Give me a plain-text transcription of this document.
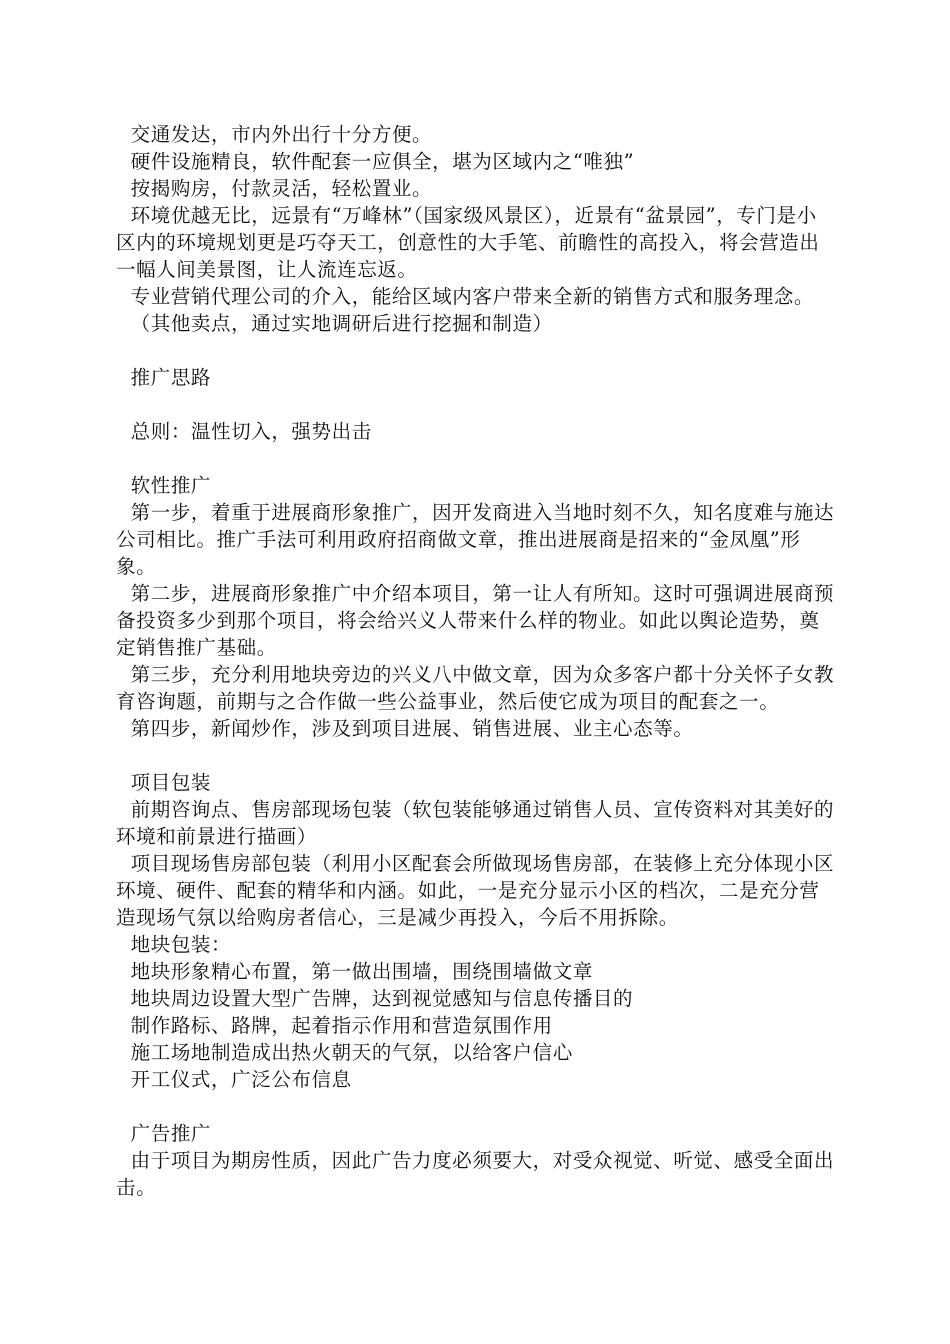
交通发达，市内外出行十分方便。

硬件设施精良，软件配套一应俱全，堪为区域内之“唯独”

按揭购房，付款灵活，轻松置业。

环境优越无比，远景有“万峰林”（国家级风景区），近景有“盆景园”，专门是小区内的环境规划更是巧夺天工，创意性的大手笔、前瞻性的高投入，将会营造出一幅人间美景图，让人流连忘返。

专业营销代理公司的介入，能给区域内客户带来全新的销售方式和服务理念。

（其他卖点，通过实地调研后进行挖掘和制造）

推广思路

总则：温性切入，强势出击

软性推广

第一步，着重于进展商形象推广，因开发商进入当地时刻不久，知名度难与施达公司相比。推广手法可利用政府招商做文章，推出进展商是招来的“金凤凰”形象。

第二步，进展商形象推广中介绍本项目，第一让人有所知。这时可强调进展商预备投资多少到那个项目，将会给兴义人带来什么样的物业。如此以舆论造势，奠定销售推广基础。

第三步，充分利用地块旁边的兴义八中做文章，因为众多客户都十分关怀子女教育咨询题，前期与之合作做一些公益事业，然后使它成为项目的配套之一。

第四步，新闻炒作，涉及到项目进展、销售进展、业主心态等。

项目包装

前期咨询点、售房部现场包装（软包装能够通过销售人员、宣传资料对其美好的环境和前景进行描画）

项目现场售房部包装（利用小区配套会所做现场售房部，在装修上充分体现小区环境、硬件、配套的精华和内涵。如此，一是充分显示小区的档次，二是充分营造现场气氛以给购房者信心，三是减少再投入，今后不用拆除。

地块包装：

地块形象精心布置，第一做出围墙，围绕围墙做文章

地块周边设置大型广告牌，达到视觉感知与信息传播目的

制作路标、路牌，起着指示作用和营造氛围作用

施工场地制造成出热火朝天的气氛，以给客户信心

开工仪式，广泛公布信息

广告推广

由于项目为期房性质，因此广告力度必须要大，对受众视觉、听觉、感受全面出击。
